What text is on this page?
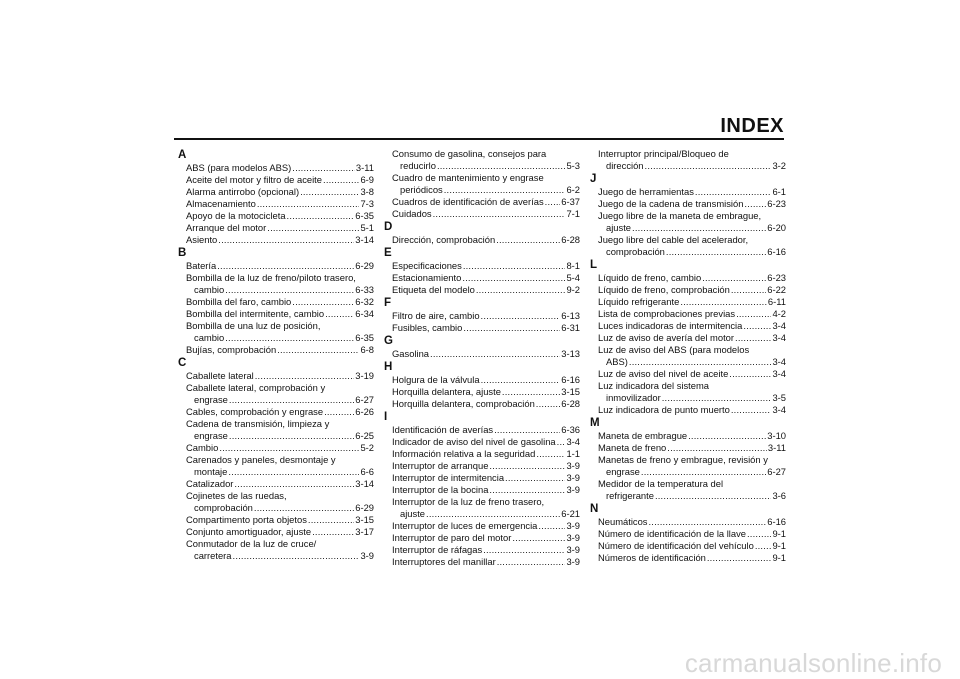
INDEX
A
ABS (para modelos ABS) .....	3-11
Aceite del motor y filtro de aceite .....	6-9
Alarma antirrobo (opcional) .....	3-8
Almacenamiento .....	7-3
Apoyo de la motocicleta .....	6-35
Arranque del motor .....	5-1
Asiento .....	3-14
B
Batería .....	6-29
Bombilla de la luz de freno/piloto trasero,
cambio .....	6-33
Bombilla del faro, cambio .....	6-32
Bombilla del intermitente, cambio .....	6-34
Bombilla de una luz de posición,
cambio .....	6-35
Bujías, comprobación .....	6-8
C
Caballete lateral .....	3-19
Caballete lateral, comprobación y
engrase .....	6-27
Cables, comprobación y engrase .....	6-26
Cadena de transmisión, limpieza y
engrase .....	6-25
Cambio .....	5-2
Carenados y paneles, desmontaje y
montaje .....	6-6
Catalizador .....	3-14
Cojinetes de las ruedas,
comprobación .....	6-29
Compartimento porta objetos .....	3-15
Conjunto amortiguador, ajuste .....	3-17
Conmutador de la luz de cruce/
carretera .....	3-9
Consumo de gasolina, consejos para
reducirlo .....	5-3
Cuadro de mantenimiento y engrase
periódicos .....	6-2
Cuadros de identificación de averías ..... 6-37
Cuidados .....	7-1
D
Dirección, comprobación .....	6-28
E
Especificaciones .....	8-1
Estacionamiento .....	5-4
Etiqueta del modelo .....	9-2
F
Filtro de aire, cambio .....	6-13
Fusibles, cambio .....	6-31
G
Gasolina .....	3-13
H
Holgura de la válvula .....	6-16
Horquilla delantera, ajuste .....	3-15
Horquilla delantera, comprobación .....	6-28
I
Identificación de averías .....	6-36
Indicador de aviso del nivel de gasolina ..... 3-4
Información relativa a la seguridad .....	1-1
Interruptor de arranque .....	3-9
Interruptor de intermitencia .....	3-9
Interruptor de la bocina .....	3-9
Interruptor de la luz de freno trasero,
ajuste .....	6-21
Interruptor de luces de emergencia .....	3-9
Interruptor de paro del motor .....	3-9
Interruptor de ráfagas .....	3-9
Interruptores del manillar .....	3-9
Interruptor principal/Bloqueo de
dirección .....	3-2
J
Juego de herramientas .....	6-1
Juego de la cadena de transmisión .....	6-23
Juego libre de la maneta de embrague,
ajuste .....	6-20
Juego libre del cable del acelerador,
comprobación .....	6-16
L
Líquido de freno, cambio .....	6-23
Líquido de freno, comprobación .....	6-22
Líquido refrigerante .....	6-11
Lista de comprobaciones previas .....	4-2
Luces indicadoras de intermitencia .....	3-4
Luz de aviso de avería del motor .....	3-4
Luz de aviso del ABS (para modelos
ABS) .....	3-4
Luz de aviso del nivel de aceite .....	3-4
Luz indicadora del sistema
inmovilizador .....	3-5
Luz indicadora de punto muerto .....	3-4
M
Maneta de embrague .....	3-10
Maneta de freno .....	3-11
Manetas de freno y embrague, revisión y
engrase .....	6-27
Medidor de la temperatura del
refrigerante .....	3-6
N
Neumáticos .....	6-16
Número de identificación de la llave .....	9-1
Número de identificación del vehículo ..... 9-1
Números de identificación .....	9-1
carmanualsonline.info
